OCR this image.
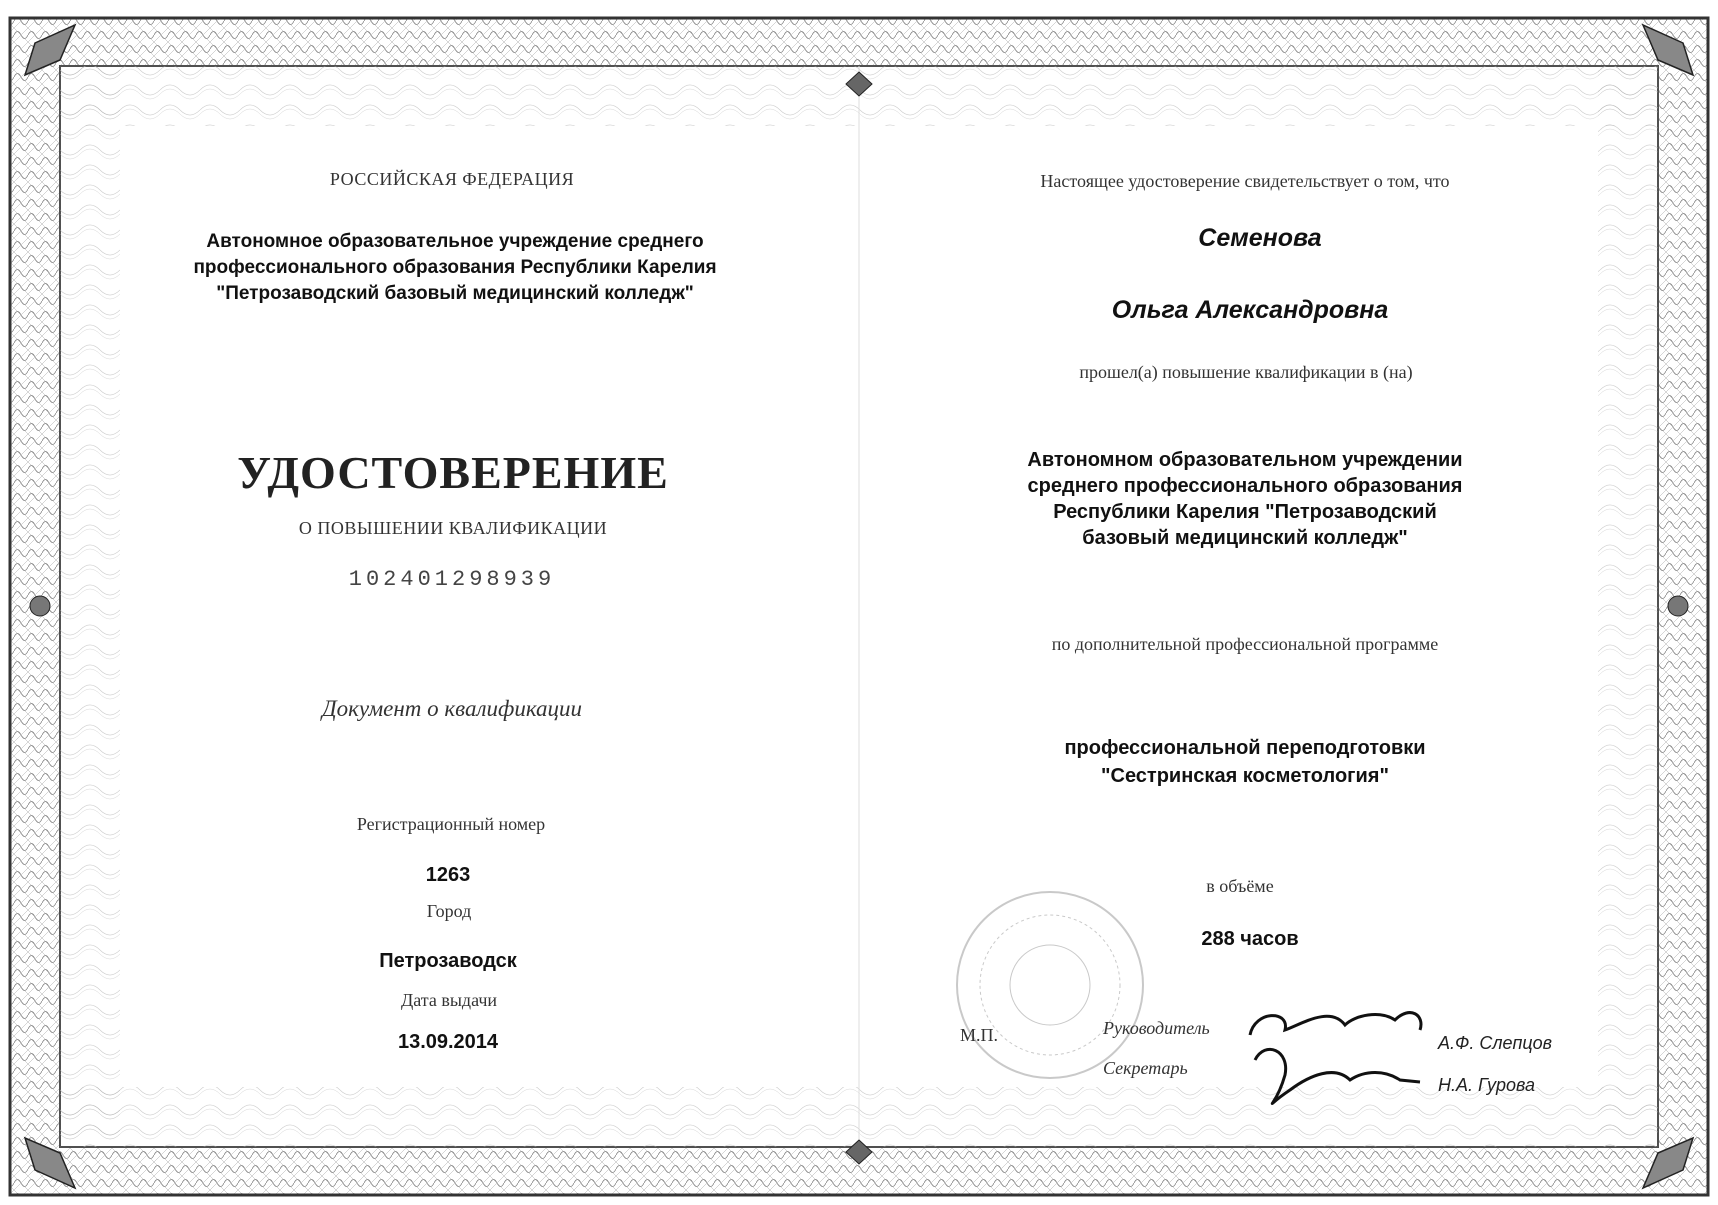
РОССИЙСКАЯ ФЕДЕРАЦИЯ
Автономное образовательное учреждение среднего
профессионального образования Республики Карелия
"Петрозаводский базовый медицинский колледж"
УДОСТОВЕРЕНИЕ
О ПОВЫШЕНИИ КВАЛИФИКАЦИИ
102401298939
Документ о квалификации
Регистрационный номер
1263
Город
Петрозаводск
Дата выдачи
13.09.2014
Настоящее удостоверение свидетельствует о том, что
Семенова
Ольга Александровна
прошел(а) повышение квалификации в (на)
Автономном образовательном учреждении
среднего профессионального образования
Республики Карелия "Петрозаводский
базовый медицинский колледж"
по дополнительной профессиональной программе
профессиональной переподготовки
"Сестринская косметология"
в объёме
288 часов
М.П.	Руководитель
Секретарь
А.Ф. Слепцов
Н.А. Гурова
